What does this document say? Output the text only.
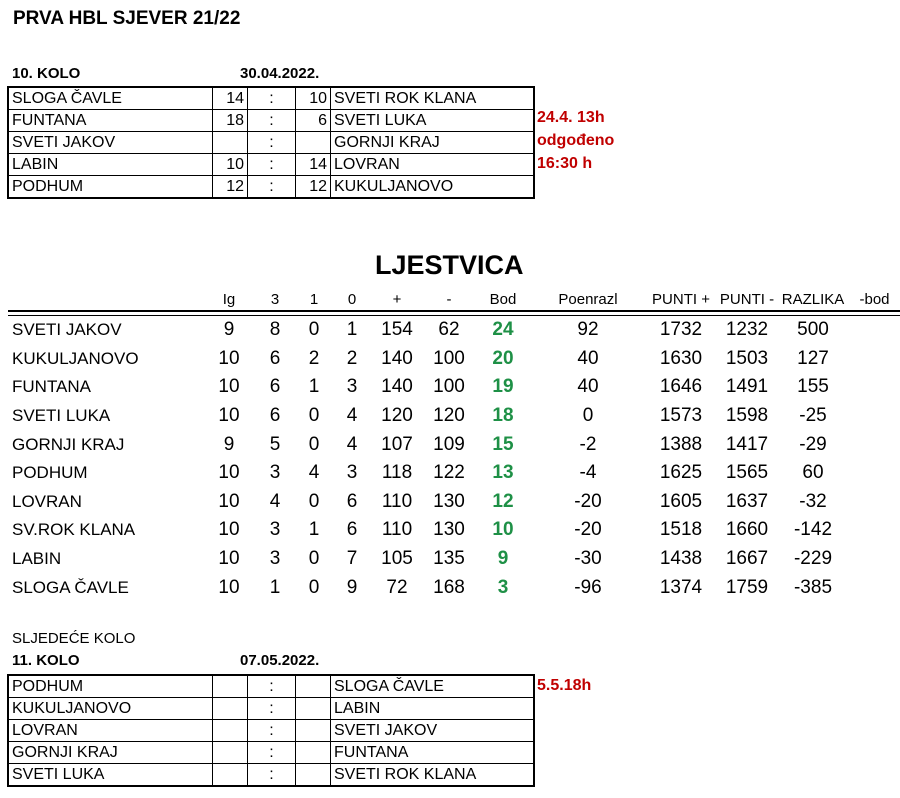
PRVA HBL SJEVER 21/22
10. KOLO	30.04.2022.
SLOGA ČAVLE	14	:	10	SVETI ROK KLANA
FUNTANA	18	:	6	SVETI LUKA
SVETI JAKOV		:		GORNJI KRAJ
LABIN	10	:	14	LOVRAN
PODHUM	12	:	12	KUKULJANOVO
24.4. 13h
odgođeno
16:30 h
LJESTVICA
	Ig	3	1	0	+	-	Bod	Poenrazl	PUNTI +	PUNTI -	RAZLIKA	-bod
SVETI JAKOV	9	8	0	1	154	62	24	92	1732	1232	500	
KUKULJANOVO	10	6	2	2	140	100	20	40	1630	1503	127	
FUNTANA	10	6	1	3	140	100	19	40	1646	1491	155	
SVETI LUKA	10	6	0	4	120	120	18	0	1573	1598	-25	
GORNJI KRAJ	9	5	0	4	107	109	15	-2	1388	1417	-29	
PODHUM	10	3	4	3	118	122	13	-4	1625	1565	60	
LOVRAN	10	4	0	6	110	130	12	-20	1605	1637	-32	
SV.ROK KLANA	10	3	1	6	110	130	10	-20	1518	1660	-142	
LABIN	10	3	0	7	105	135	9	-30	1438	1667	-229	
SLOGA ČAVLE	10	1	0	9	72	168	3	-96	1374	1759	-385	
SLJEDEĆE KOLO
11. KOLO	07.05.2022.
PODHUM		:		SLOGA ČAVLE
KUKULJANOVO		:		LABIN
LOVRAN		:		SVETI JAKOV
GORNJI KRAJ		:		FUNTANA
SVETI LUKA		:		SVETI ROK KLANA
5.5.18h
